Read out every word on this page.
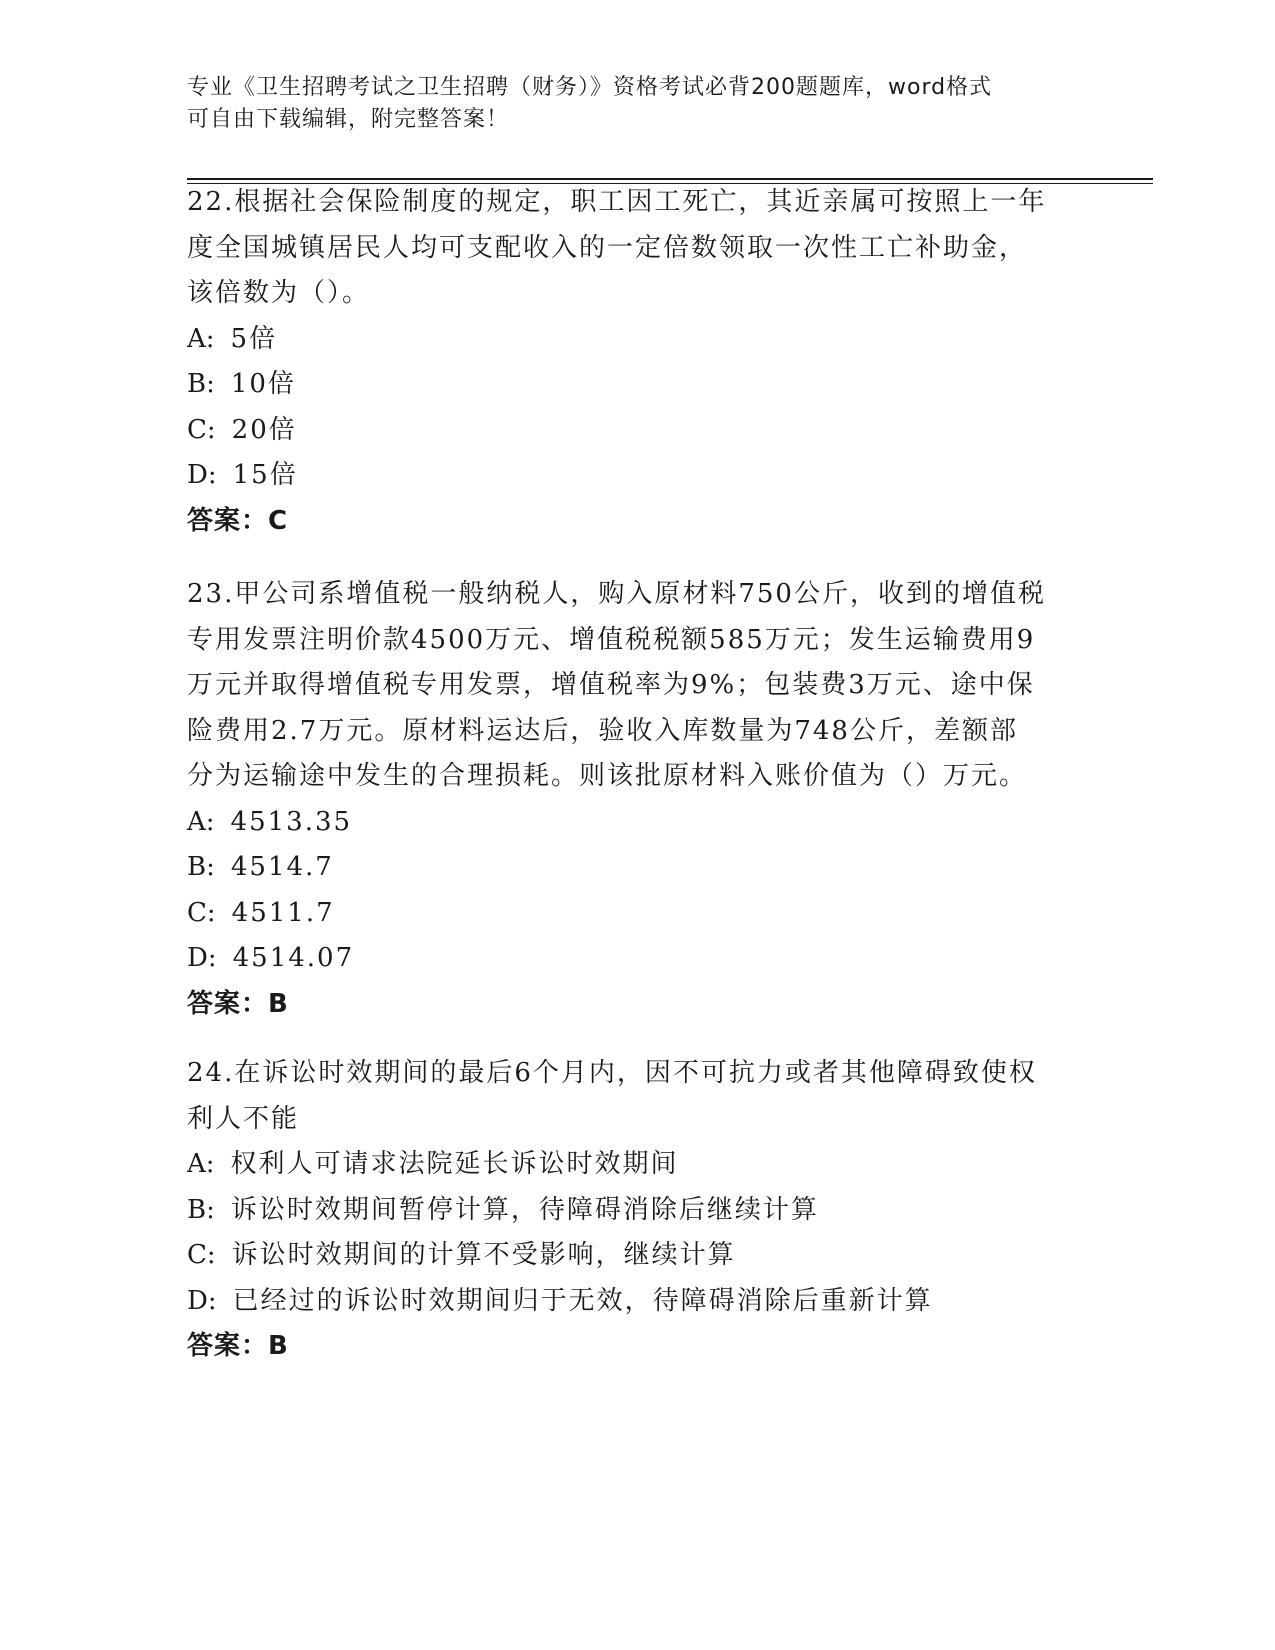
专业《卫生招聘考试之卫生招聘（财务）》资格考试必背200题题库，word格式
可自由下载编辑，附完整答案！
22.根据社会保险制度的规定，职工因工死亡，其近亲属可按照上一年
度全国城镇居民人均可支配收入的一定倍数领取一次性工亡补助金，
该倍数为（）。
A: 5倍
B: 10倍
C: 20倍
D: 15倍
答案：C
23.甲公司系增值税一般纳税人，购入原材料750公斤，收到的增值税
专用发票注明价款4500万元、增值税税额585万元；发生运输费用9
万元并取得增值税专用发票，增值税率为9%；包装费3万元、途中保
险费用2.7万元。原材料运达后，验收入库数量为748公斤，差额部
分为运输途中发生的合理损耗。则该批原材料入账价值为（）万元。
A: 4513.35
B: 4514.7
C: 4511.7
D: 4514.07
答案：B
24.在诉讼时效期间的最后6个月内，因不可抗力或者其他障碍致使权
利人不能
A: 权利人可请求法院延长诉讼时效期间
B: 诉讼时效期间暂停计算，待障碍消除后继续计算
C: 诉讼时效期间的计算不受影响，继续计算
D: 已经过的诉讼时效期间归于无效，待障碍消除后重新计算
答案：B
